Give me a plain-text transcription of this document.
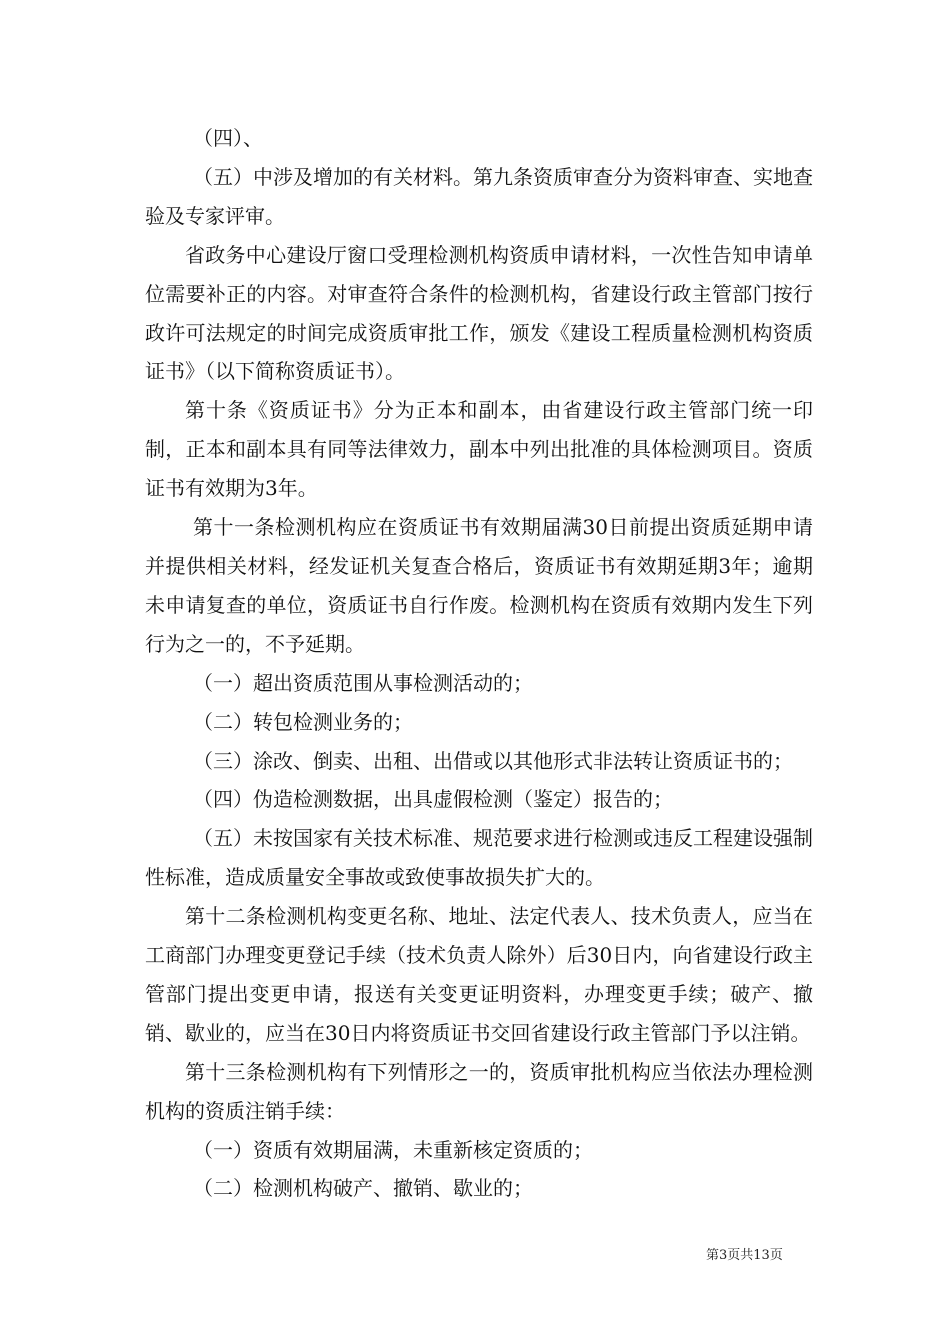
（四）、

（五）中涉及增加的有关材料。第九条资质审查分为资料审查、实地查验及专家评审。

省政务中心建设厅窗口受理检测机构资质申请材料，一次性告知申请单位需要补正的内容。对审查符合条件的检测机构，省建设行政主管部门按行政许可法规定的时间完成资质审批工作，颁发《建设工程质量检测机构资质证书》（以下简称资质证书）。

第十条《资质证书》分为正本和副本，由省建设行政主管部门统一印制，正本和副本具有同等法律效力，副本中列出批准的具体检测项目。资质证书有效期为3年。

第十一条检测机构应在资质证书有效期届满30日前提出资质延期申请并提供相关材料，经发证机关复查合格后，资质证书有效期延期3年；逾期未申请复查的单位，资质证书自行作废。检测机构在资质有效期内发生下列行为之一的，不予延期。

（一）超出资质范围从事检测活动的；

（二）转包检测业务的；

（三）涂改、倒卖、出租、出借或以其他形式非法转让资质证书的；

（四）伪造检测数据，出具虚假检测（鉴定）报告的；

（五）未按国家有关技术标准、规范要求进行检测或违反工程建设强制性标准，造成质量安全事故或致使事故损失扩大的。

第十二条检测机构变更名称、地址、法定代表人、技术负责人，应当在工商部门办理变更登记手续（技术负责人除外）后30日内，向省建设行政主管部门提出变更申请，报送有关变更证明资料，办理变更手续；破产、撤销、歇业的，应当在30日内将资质证书交回省建设行政主管部门予以注销。

第十三条检测机构有下列情形之一的，资质审批机构应当依法办理检测机构的资质注销手续：

（一）资质有效期届满，未重新核定资质的；

（二）检测机构破产、撤销、歇业的；

第3页共13页
